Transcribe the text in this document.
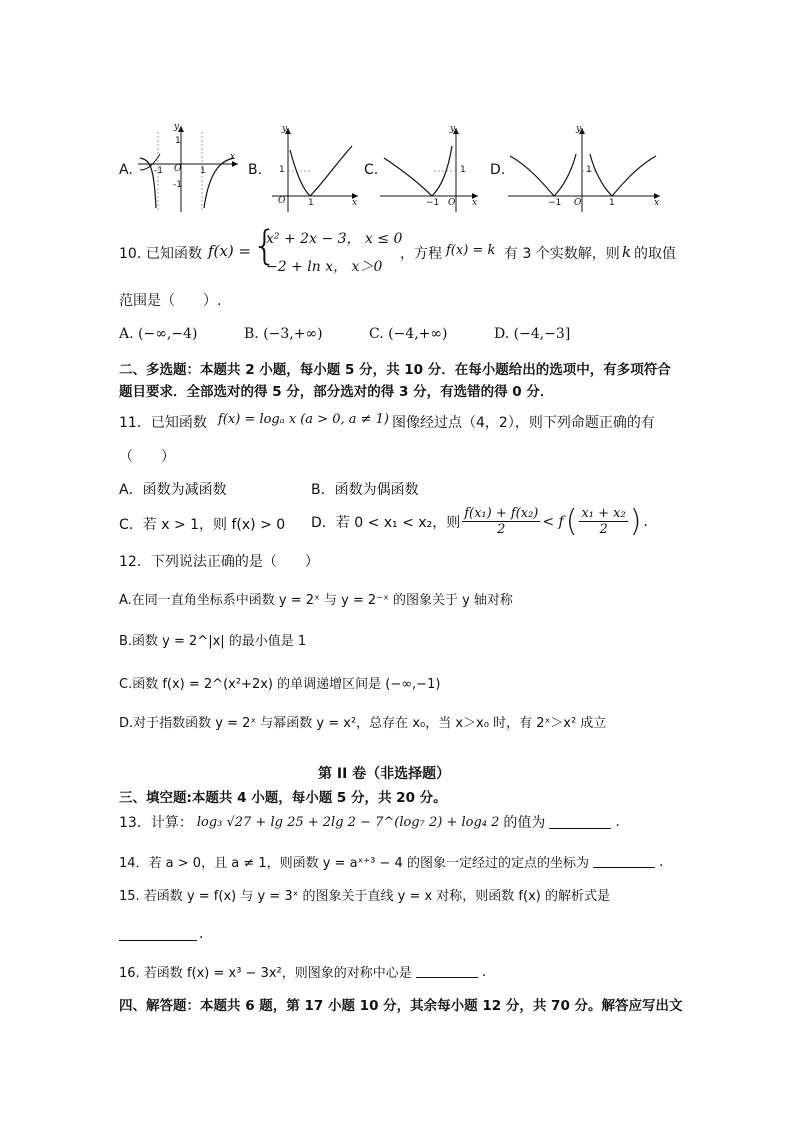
A.
y
x
O
1
-1	1
-1
B.
y
x
O	1
1	C.
y
x
O
−1
1 D.
y
x
O
−1	1
1
10．
已知函数 f(x) = {
x² + 2x − 3， x ≤ 0
−2 + ln x， x＞0
，方程 f(x) = k 有 3 个实数解，则 k 的取值
范围是（　　）.
A. (−∞,−4)	B. (−3,+∞)	C. (−4,+∞)	D. (−4,−3]
二、多选题：本题共 2 小题，每小题 5 分，共 10 分．在每小题给出的选项中，有多项符合
题目要求．全部选对的得 5 分，部分选对的得 3 分，有选错的得 0 分．
11．已知函数 f(x) = logₐ x (a > 0, a ≠ 1) 图像经过点（4，2），则下列命题正确的有
（　　）
A．函数为减函数	B．函数为偶函数
C．若 x > 1，则 f(x) > 0 D．若 0 < x₁ < x₂，则 $\frac{\text{f(x₁) + f(x₂)}}{2} < f$ ( $\frac{\text{x₁ + x₂}}{2}$ ) .
12．下列说法正确的是（　　）
A.在同一直角坐标系中函数 y = 2ˣ 与 y = 2⁻ˣ 的图象关于 y 轴对称
B.函数 y = 2^|x| 的最小值是 1
C.函数 f(x) = 2^(x²+2x) 的单调递增区间是 (−∞,−1)
D.对于指数函数 y = 2ˣ 与幂函数 y = x²，总存在 x₀，当 x＞x₀ 时，有 2ˣ＞x² 成立
第 II 卷（非选择题）
三、填空题:本题共 4 小题，每小题 5 分，共 20 分。
13．计算： log₃ √27 + lg 25 + 2lg 2 − 7^(log₇ 2) + log₄ 2 的值为	.
14．若 a > 0，且 a ≠ 1，则函数 y = aˣ⁺³ − 4 的图象一定经过的定点的坐标为	.
15. 若函数 y = f(x) 与 y = 3ˣ 的图象关于直线 y = x 对称，则函数 f(x) 的解析式是
.
16. 若函数 f(x) = x³ − 3x²，则图象的对称中心是	.
四、解答题：本题共 6 题，第 17 小题 10 分，其余每小题 12 分，共 70 分。解答应写出文
